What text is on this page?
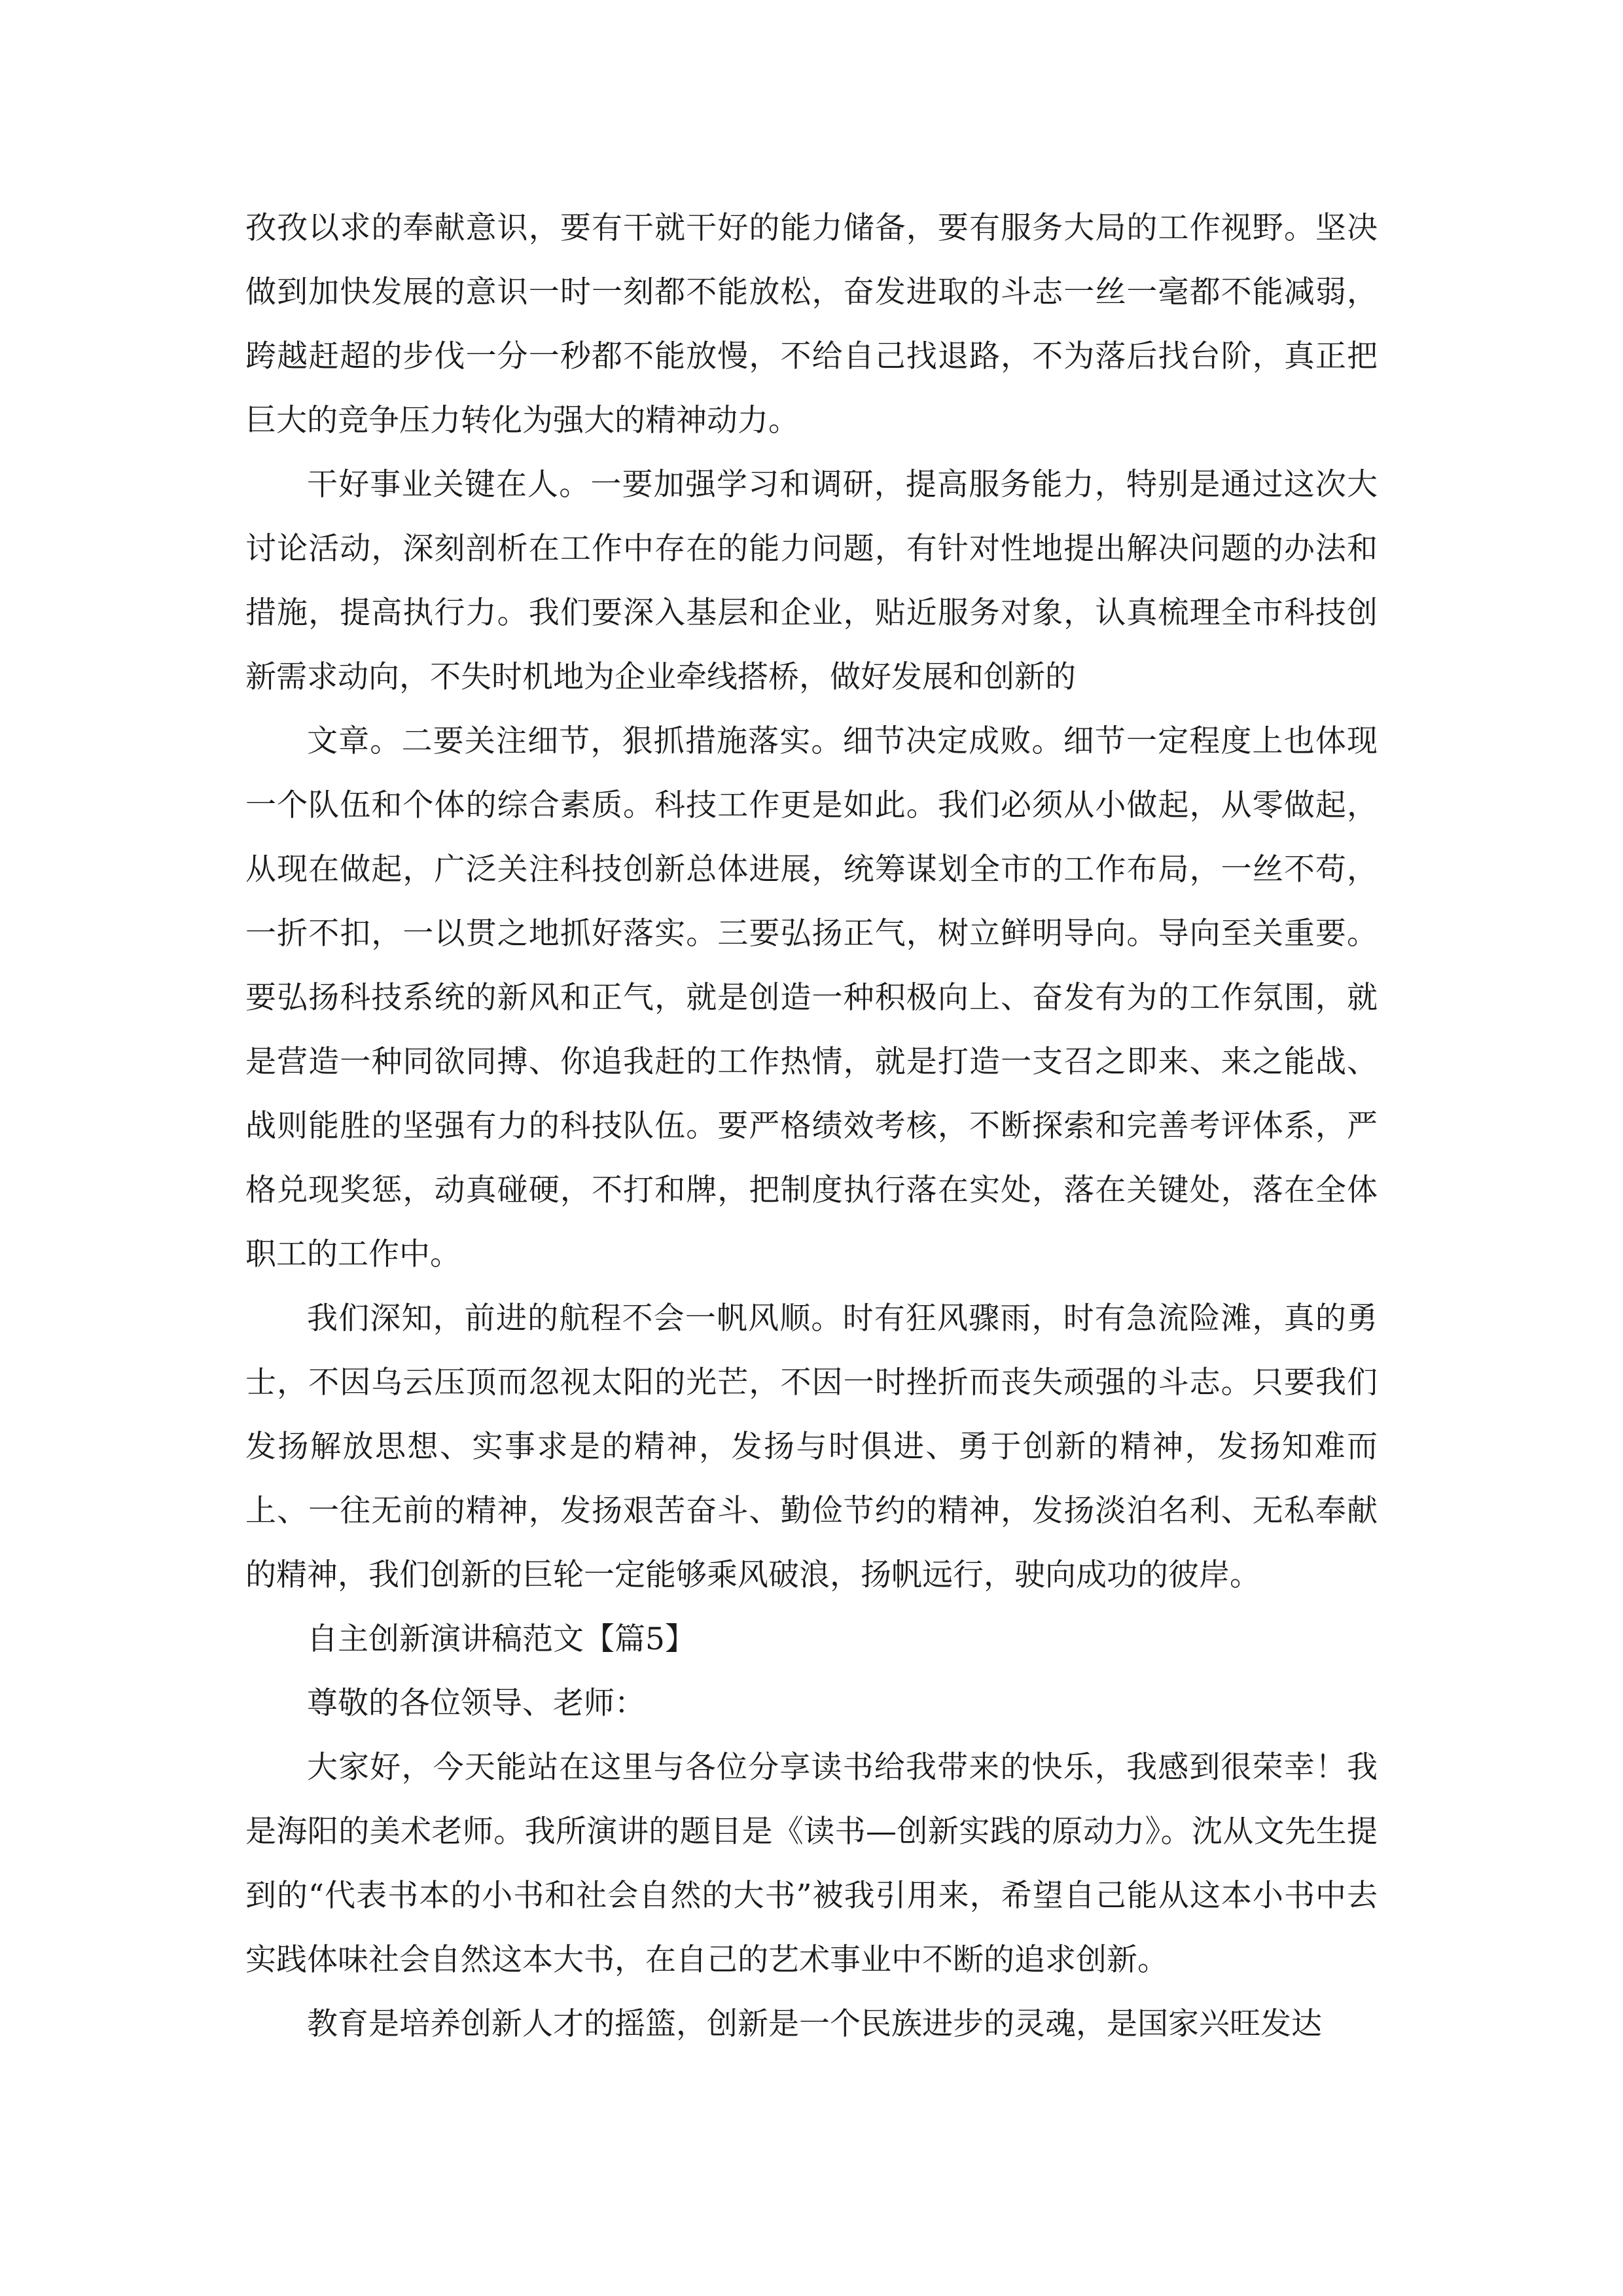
孜孜以求的奉献意识，要有干就干好的能力储备，要有服务大局的工作视野。坚决做到加快发展的意识一时一刻都不能放松，奋发进取的斗志一丝一毫都不能减弱，跨越赶超的步伐一分一秒都不能放慢，不给自己找退路，不为落后找台阶，真正把巨大的竞争压力转化为强大的精神动力。

干好事业关键在人。一要加强学习和调研，提高服务能力，特别是通过这次大讨论活动，深刻剖析在工作中存在的能力问题，有针对性地提出解决问题的办法和措施，提高执行力。我们要深入基层和企业，贴近服务对象，认真梳理全市科技创新需求动向，不失时机地为企业牵线搭桥，做好发展和创新的

文章。二要关注细节，狠抓措施落实。细节决定成败。细节一定程度上也体现一个队伍和个体的综合素质。科技工作更是如此。我们必须从小做起，从零做起，从现在做起，广泛关注科技创新总体进展，统筹谋划全市的工作布局，一丝不苟，一折不扣，一以贯之地抓好落实。三要弘扬正气，树立鲜明导向。导向至关重要。要弘扬科技系统的新风和正气，就是创造一种积极向上、奋发有为的工作氛围，就是营造一种同欲同搏、你追我赶的工作热情，就是打造一支召之即来、来之能战、战则能胜的坚强有力的科技队伍。要严格绩效考核，不断探索和完善考评体系，严格兑现奖惩，动真碰硬，不打和牌，把制度执行落在实处，落在关键处，落在全体职工的工作中。

我们深知，前进的航程不会一帆风顺。时有狂风骤雨，时有急流险滩，真的勇士，不因乌云压顶而忽视太阳的光芒，不因一时挫折而丧失顽强的斗志。只要我们发扬解放思想、实事求是的精神，发扬与时俱进、勇于创新的精神，发扬知难而上、一往无前的精神，发扬艰苦奋斗、勤俭节约的精神，发扬淡泊名利、无私奉献的精神，我们创新的巨轮一定能够乘风破浪，扬帆远行，驶向成功的彼岸。

自主创新演讲稿范文【篇5】

尊敬的各位领导、老师：

大家好，今天能站在这里与各位分享读书给我带来的快乐，我感到很荣幸！我是海阳的美术老师。我所演讲的题目是《读书—创新实践的原动力》。沈从文先生提到的“代表书本的小书和社会自然的大书”被我引用来，希望自己能从这本小书中去实践体味社会自然这本大书，在自己的艺术事业中不断的追求创新。

教育是培养创新人才的摇篮，创新是一个民族进步的灵魂，是国家兴旺发达
